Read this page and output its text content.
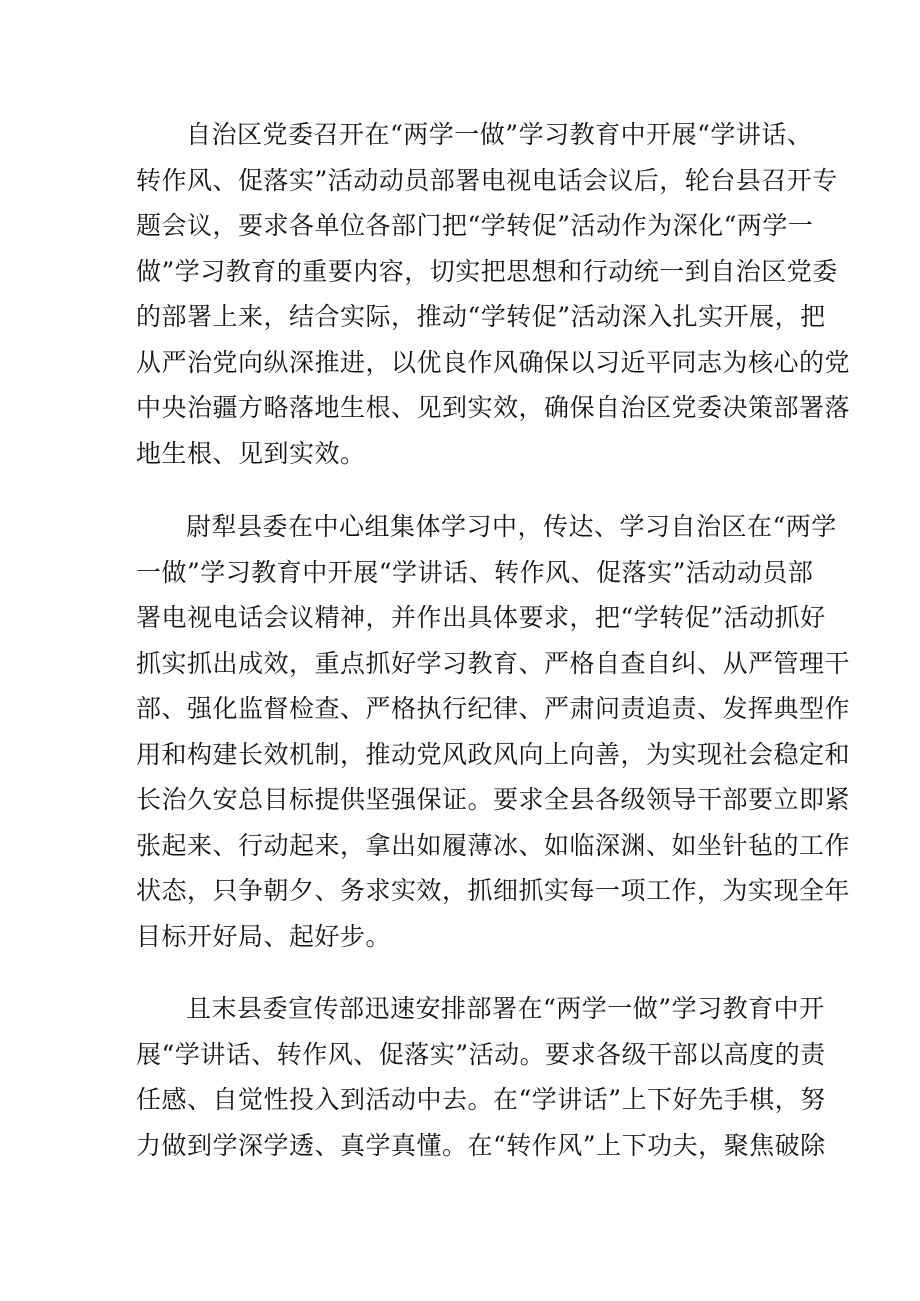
自治区党委召开在“两学一做”学习教育中开展“学讲话、
转作风、促落实”活动动员部署电视电话会议后，轮台县召开专
题会议，要求各单位各部门把“学转促”活动作为深化“两学一
做”学习教育的重要内容，切实把思想和行动统一到自治区党委
的部署上来，结合实际，推动“学转促”活动深入扎实开展，把
从严治党向纵深推进，以优良作风确保以习近平同志为核心的党
中央治疆方略落地生根、见到实效，确保自治区党委决策部署落
地生根、见到实效。
尉犁县委在中心组集体学习中，传达、学习自治区在“两学
一做”学习教育中开展“学讲话、转作风、促落实”活动动员部
署电视电话会议精神，并作出具体要求，把“学转促”活动抓好
抓实抓出成效，重点抓好学习教育、严格自查自纠、从严管理干
部、强化监督检查、严格执行纪律、严肃问责追责、发挥典型作
用和构建长效机制，推动党风政风向上向善，为实现社会稳定和
长治久安总目标提供坚强保证。要求全县各级领导干部要立即紧
张起来、行动起来，拿出如履薄冰、如临深渊、如坐针毡的工作
状态，只争朝夕、务求实效，抓细抓实每一项工作，为实现全年
目标开好局、起好步。
且末县委宣传部迅速安排部署在“两学一做”学习教育中开
展“学讲话、转作风、促落实”活动。要求各级干部以高度的责
任感、自觉性投入到活动中去。在“学讲话”上下好先手棋，努
力做到学深学透、真学真懂。在“转作风”上下功夫，聚焦破除
